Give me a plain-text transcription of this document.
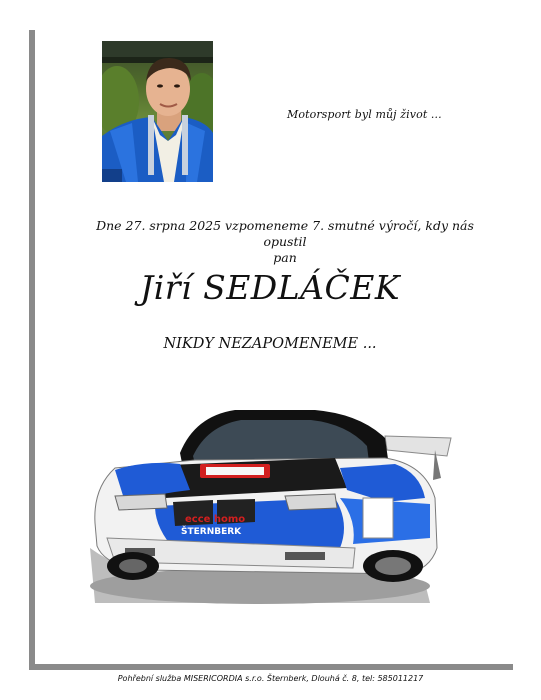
Motorsport byl můj život ...
Dne 27. srpna 2025 vzpomeneme 7. smutné výročí, kdy nás opustil
pan
Jiří SEDLÁČEK
NIKDY NEZAPOMENEME ...
ecce homo
ŠTERNBERK
Pohřební služba MISERICORDIA s.r.o. Šternberk, Dlouhá č. 8, tel: 585011217
